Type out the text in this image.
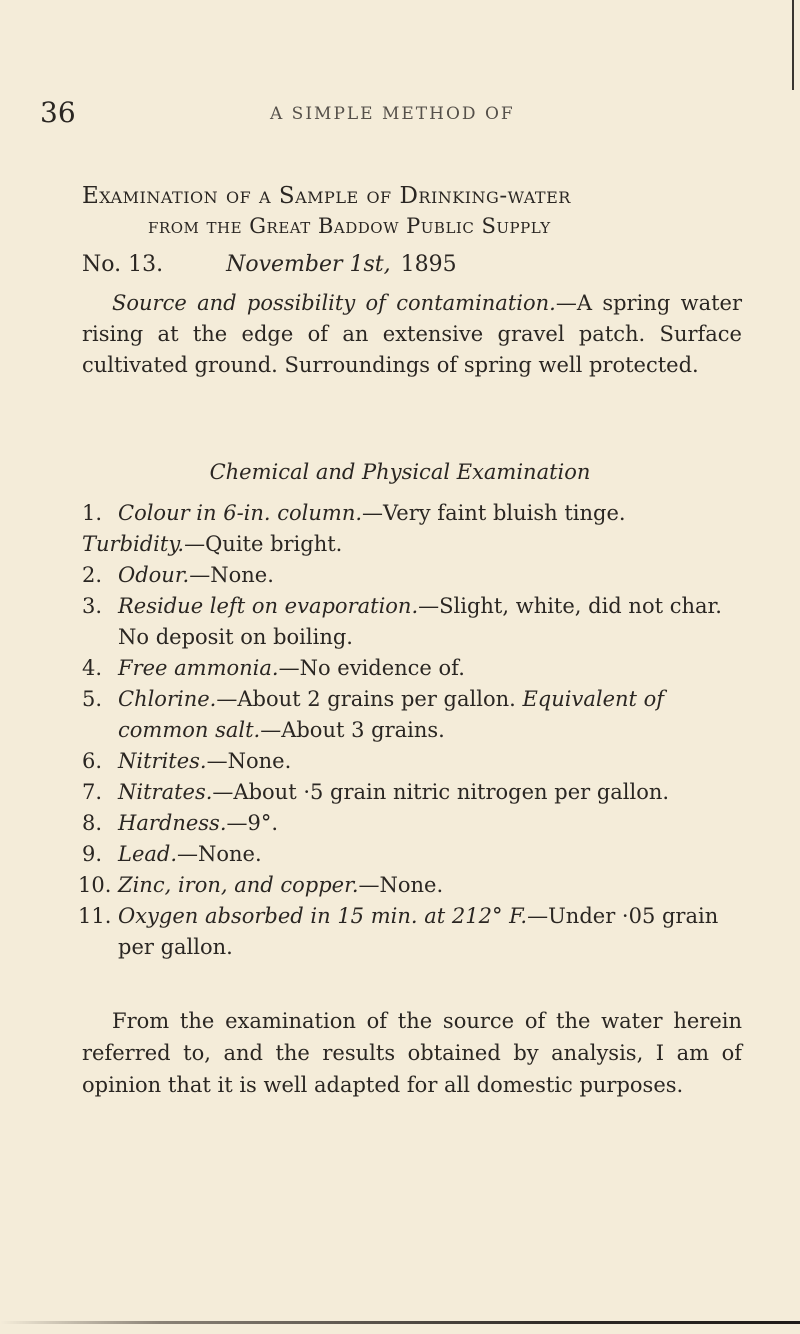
36	A SIMPLE METHOD OF
Examination of a Sample of Drinking-water
from the Great Baddow Public Supply
No. 13.	November 1st, 1895
Source and possibility of contamination.—A spring water rising at the edge of an extensive gravel patch. Surface cultivated ground. Surroundings of spring well protected.
Chemical and Physical Examination
1. Colour in 6-in. column.—Very faint bluish tinge.
Turbidity.—Quite bright.
2. Odour.—None.
3. Residue left on evaporation.—Slight, white, did not char. No deposit on boiling.
4. Free ammonia.—No evidence of.
5. Chlorine.—About 2 grains per gallon. Equivalent of common salt.—About 3 grains.
6. Nitrites.—None.
7. Nitrates.—About ·5 grain nitric nitrogen per gallon.
8. Hardness.—9°.
9. Lead.—None.
10. Zinc, iron, and copper.—None.
11. Oxygen absorbed in 15 min. at 212° F.—Under ·05 grain per gallon.
From the examination of the source of the water herein referred to, and the results obtained by analysis, I am of opinion that it is well adapted for all domestic purposes.
